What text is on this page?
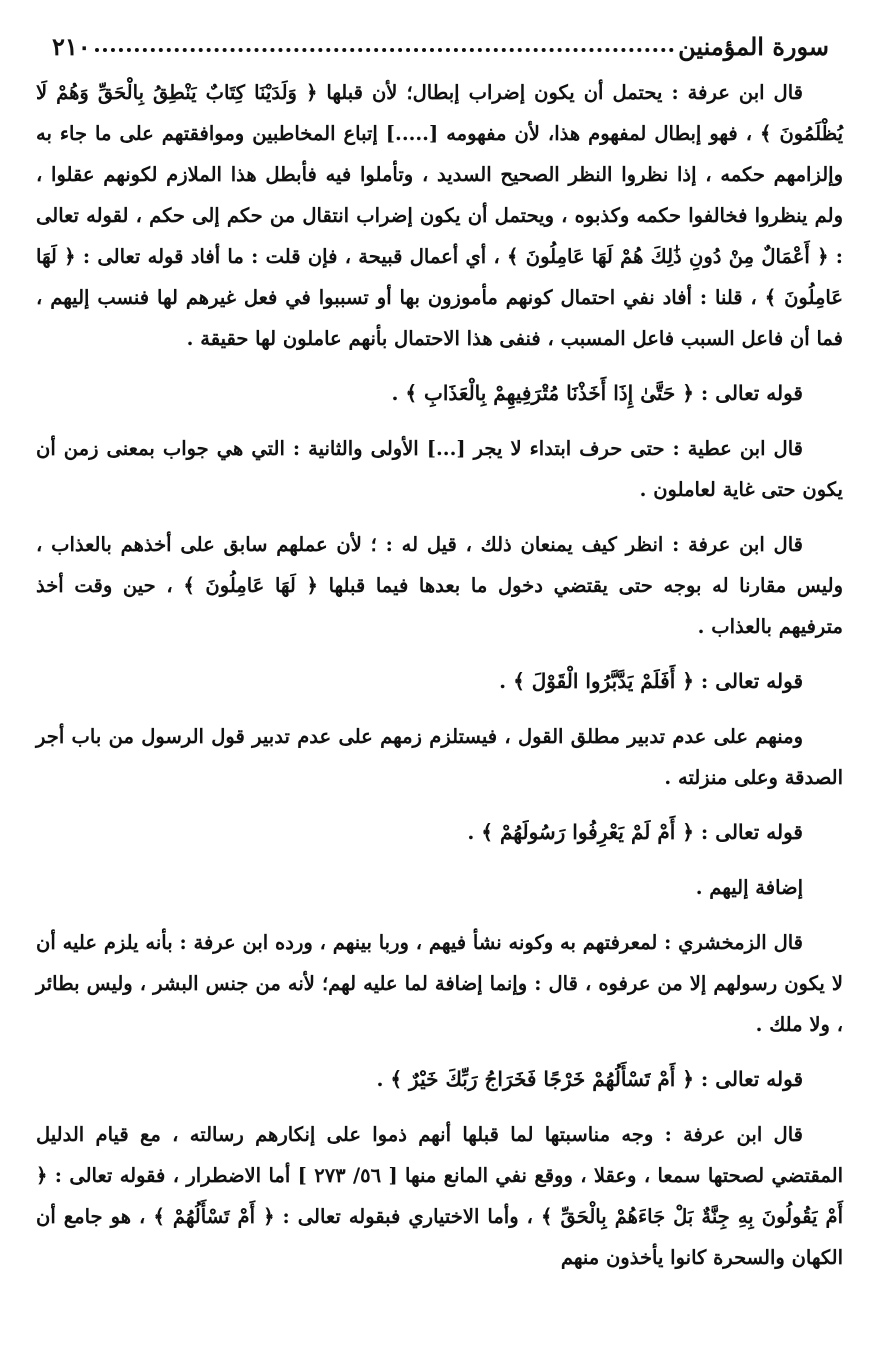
سورة المؤمنين
٢١٠

قال ابن عرفة : يحتمل أن يكون إضراب إبطال؛ لأن قبلها ﴿ وَلَدَيْنَا كِتَابٌ يَنْطِقُ بِالْحَقِّ وَهُمْ لَا يُظْلَمُونَ ﴾ ، فهو إبطال لمفهوم هذا، لأن مفهومه [.....] إتباع المخاطبين وموافقتهم على ما جاء به وإلزامهم حكمه ، إذا نظروا النظر الصحيح السديد ، وتأملوا فيه فأبطل هذا الملازم لكونهم عقلوا ، ولم ينظروا فخالفوا حكمه وكذبوه ، ويحتمل أن يكون إضراب انتقال من حكم إلى حكم ، لقوله تعالى : ﴿ أَعْمَالٌ مِنْ دُونِ ذَٰلِكَ هُمْ لَهَا عَامِلُونَ ﴾ ، أي أعمال قبيحة ، فإن قلت : ما أفاد قوله تعالى : ﴿ لَهَا عَامِلُونَ ﴾ ، قلنا : أفاد نفي احتمال كونهم مأموزون بها أو تسببوا في فعل غيرهم لها فنسب إليهم ، فما أن فاعل السبب فاعل المسبب ، فنفى هذا الاحتمال بأنهم عاملون لها حقيقة .

قوله تعالى : ﴿ حَتَّىٰ إِذَا أَخَذْنَا مُتْرَفِيهِمْ بِالْعَذَابِ ﴾ .

قال ابن عطية : حتى حرف ابتداء لا يجر [...] الأولى والثانية : التي هي جواب بمعنى زمن أن يكون حتى غاية لعاملون .

قال ابن عرفة : انظر كيف يمنعان ذلك ، قيل له : ؛ لأن عملهم سابق على أخذهم بالعذاب ، وليس مقارنا له بوجه حتى يقتضي دخول ما بعدها فيما قبلها ﴿ لَهَا عَامِلُونَ ﴾ ، حين وقت أخذ مترفيهم بالعذاب .

قوله تعالى : ﴿ أَفَلَمْ يَدَّبَّرُوا الْقَوْلَ ﴾ .

ومنهم على عدم تدبير مطلق القول ، فيستلزم زمهم على عدم تدبير قول الرسول من باب أجر الصدقة وعلى منزلته .

قوله تعالى : ﴿ أَمْ لَمْ يَعْرِفُوا رَسُولَهُمْ ﴾ .

إضافة إليهم .

قال الزمخشري : لمعرفتهم به وكونه نشأ فيهم ، وربا بينهم ، ورده ابن عرفة : بأنه يلزم عليه أن لا يكون رسولهم إلا من عرفوه ، قال : وإنما إضافة لما عليه لهم؛ لأنه من جنس البشر ، وليس بطائر ، ولا ملك .

قوله تعالى : ﴿ أَمْ تَسْأَلُهُمْ خَرْجًا فَخَرَاجُ رَبِّكَ خَيْرٌ ﴾ .

قال ابن عرفة : وجه مناسبتها لما قبلها أنهم ذموا على إنكارهم رسالته ، مع قيام الدليل المقتضي لصحتها سمعا ، وعقلا ، ووقع نفي المانع منها [ ٥٦/ ٢٧٣ ] أما الاضطرار ، فقوله تعالى : ﴿ أَمْ يَقُولُونَ بِهِ جِنَّةٌ بَلْ جَاءَهُمْ بِالْحَقِّ ﴾ ، وأما الاختياري فبقوله تعالى : ﴿ أَمْ تَسْأَلُهُمْ ﴾ ، هو جامع أن الكهان والسحرة كانوا يأخذون منهم
